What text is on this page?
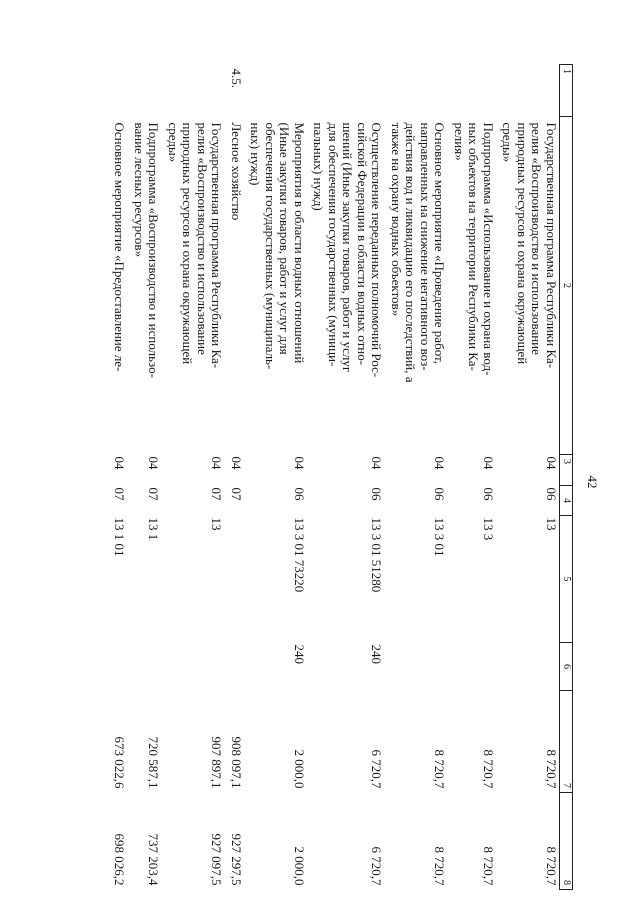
42
1	2	3	4	5	6	7	8
	Государственная программа Республики Ка-
релия «Воспроизводство и использование
природных ресурсов и охрана окружающей
среды»	04	06	13		8 720,7	8 720,7
	Подпрограмма «Использование и охрана вод-
ных объектов на территории Республики Ка-
релия»	04	06	13 3		8 720,7	8 720,7
	Основное мероприятие «Проведение работ,
направленных на снижение негативного воз-
действия вод и ликвидацию его последствий, а
также на охрану водных объектов»	04	06	13 3 01		8 720,7	8 720,7
	Осуществление переданных полномочий Рос-
сийской Федерации в области водных отно-
шений (Иные закупки товаров, работ и услуг
для обеспечения государственных (муници-
пальных) нужд)	04	06	13 3 01 51280	240	6 720,7	6 720,7
	Мероприятия в области водных отношений
(Иные закупки товаров, работ и услуг для
обеспечения государственных (муниципаль-
ных) нужд)	04	06	13 3 01 73220	240	2 000,0	2 000,0
4.5.	Лесное хозяйство	04	07			908 097,1	927 297,5
	Государственная программа Республики Ка-
релия «Воспроизводство и использование
природных ресурсов и охрана окружающей
среды»	04	07	13		907 897,1	927 097,5
	Подпрограмма «Воспроизводство и использо-
вание лесных ресурсов»	04	07	13 1		720 587,1	737 203,4
	Основное мероприятие «Предоставление ле-	04	07	13 1 01		673 022,6	698 026,2
